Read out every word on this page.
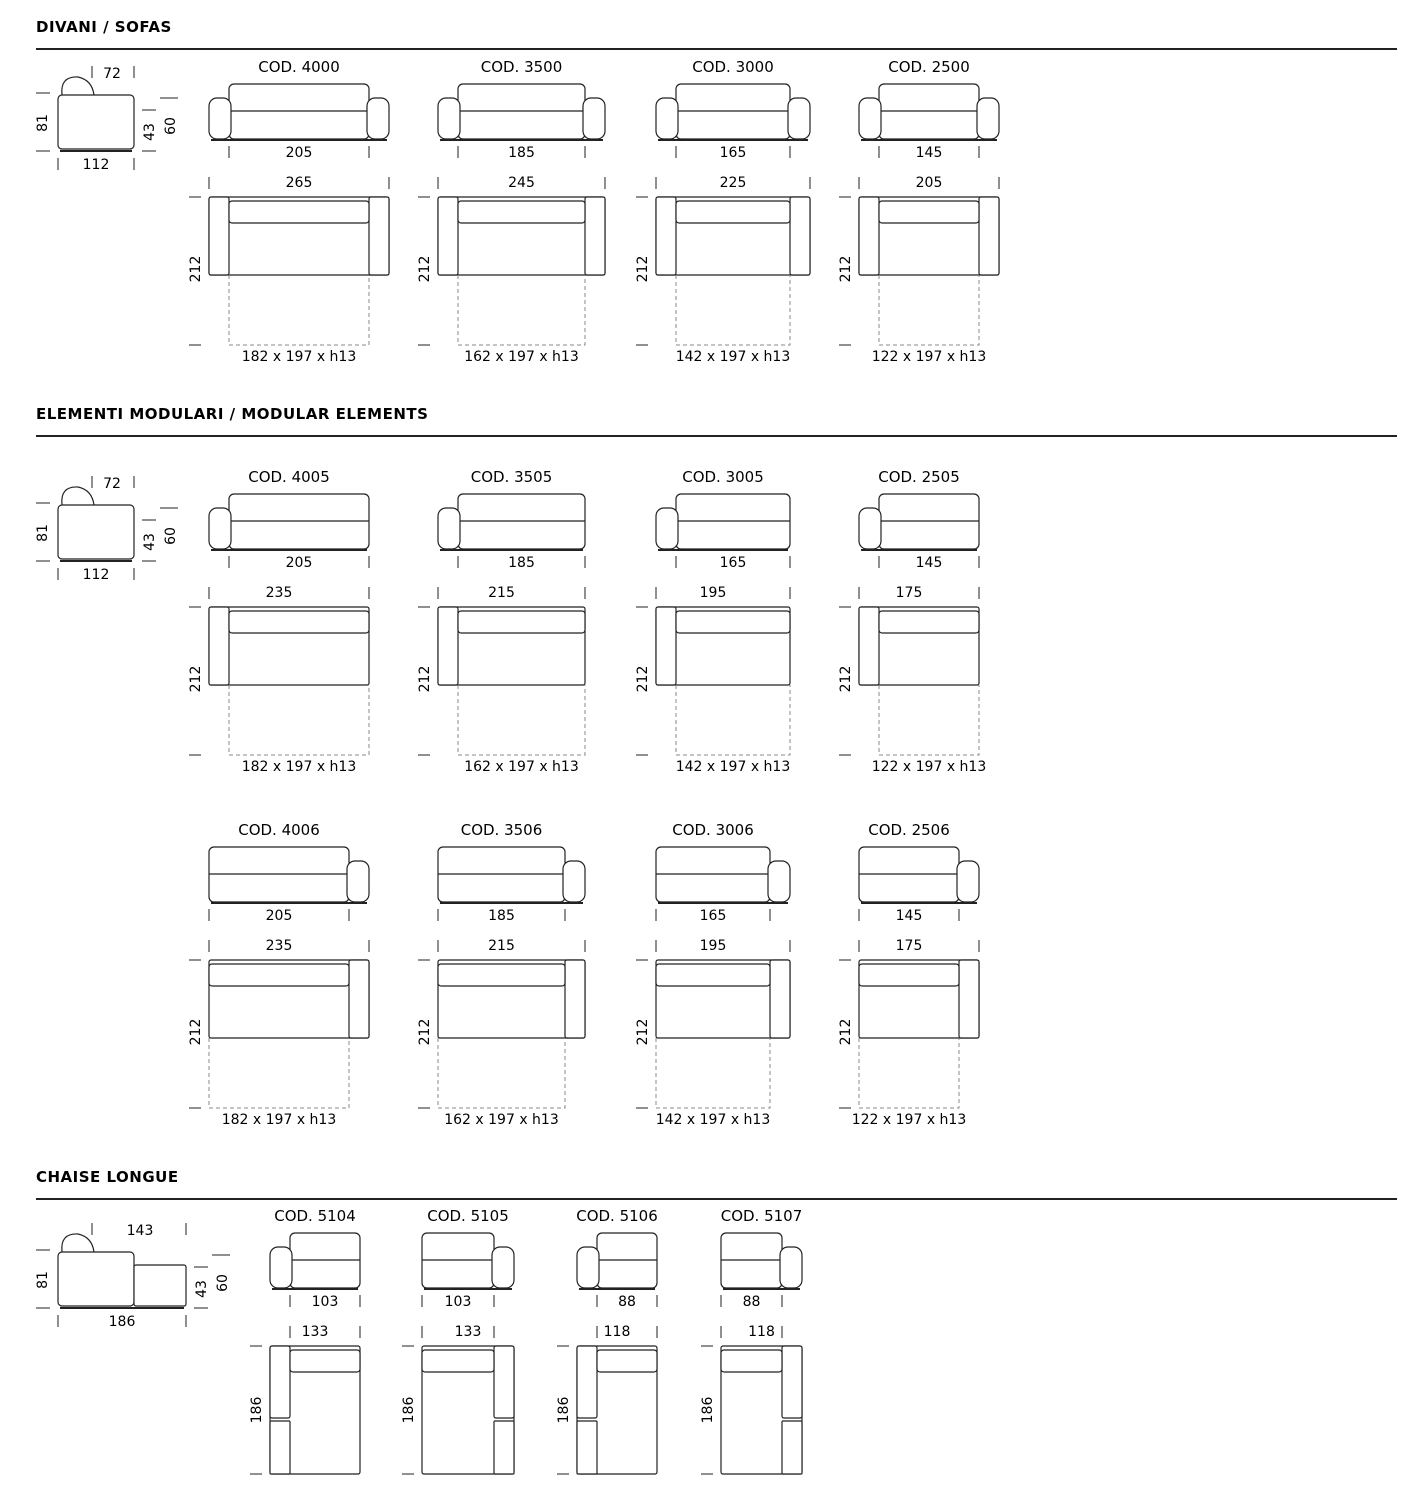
DIVANI / SOFAS
72
112
81
43 60
COD. 4000
205
265
212
182 x 197 x h13
COD. 3500
185
245
212
162 x 197 x h13
COD. 3000
165
225
212
142 x 197 x h13
COD. 2500
145
205
212
122 x 197 x h13
ELEMENTI MODULARI / MODULAR ELEMENTS
72
112
81
43 60
COD. 4005
205
235
212
182 x 197 x h13
COD. 3505
185
215
212
162 x 197 x h13
COD. 3005
165
195
212
142 x 197 x h13
COD. 2505
145
175
212
122 x 197 x h13
COD. 4006
205
235
212
182 x 197 x h13
COD. 3506
185
215
212
162 x 197 x h13
COD. 3006
165
195
212
142 x 197 x h13
COD. 2506
145
175
212
122 x 197 x h13
CHAISE LONGUE
143
186
81
43 60
COD. 5104
103
133
186
COD. 5105
103
133
186
COD. 5106
88
118
186
COD. 5107
88
118
186
